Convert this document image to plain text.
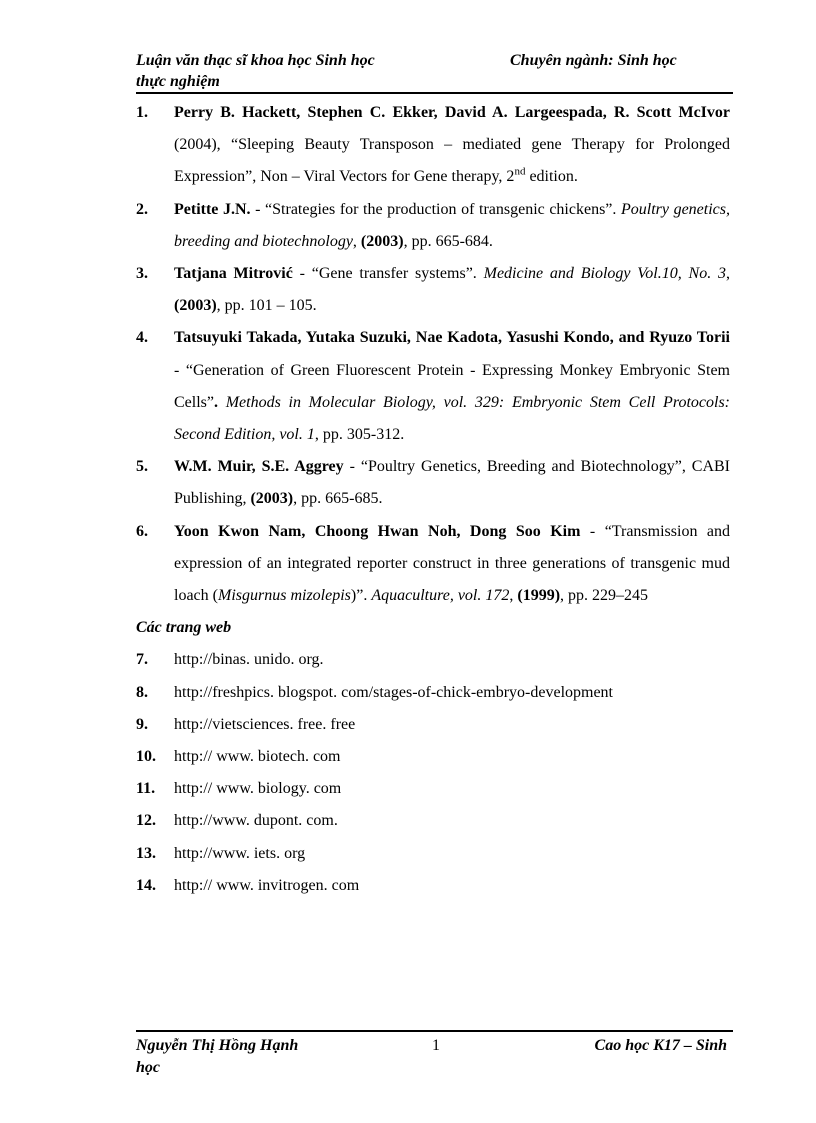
Luận văn thạc sĩ khoa học Sinh học
thực nghiệm
Chuyên ngành: Sinh học
1. Perry B. Hackett, Stephen C. Ekker, David A. Largeespada, R. Scott McIvor (2004), “Sleeping Beauty Transposon – mediated gene Therapy for Prolonged Expression”, Non – Viral Vectors for Gene therapy, 2nd edition.
2. Petitte J.N. - “Strategies for the production of transgenic chickens”. Poultry genetics, breeding and biotechnology, (2003), pp. 665-684.
3. Tatjana Mitrović - “Gene transfer systems”. Medicine and Biology Vol.10, No. 3, (2003), pp. 101 – 105.
4. Tatsuyuki Takada, Yutaka Suzuki, Nae Kadota, Yasushi Kondo, and Ryuzo Torii - “Generation of Green Fluorescent Protein - Expressing Monkey Embryonic Stem Cells”. Methods in Molecular Biology, vol. 329: Embryonic Stem Cell Protocols: Second Edition, vol. 1, pp. 305-312.
5. W.M. Muir, S.E. Aggrey - “Poultry Genetics, Breeding and Biotechnology”, CABI Publishing, (2003), pp. 665-685.
6. Yoon Kwon Nam, Choong Hwan Noh, Dong Soo Kim - “Transmission and expression of an integrated reporter construct in three generations of transgenic mud loach (Misgurnus mizolepis)”. Aquaculture, vol. 172, (1999), pp. 229–245
Các trang web
7. http://binas. unido. org.
8. http://freshpics. blogspot. com/stages-of-chick-embryo-development
9. http://vietsciences. free. free
10. http:// www. biotech. com
11. http:// www. biology. com
12. http://www. dupont. com.
13. http://www. iets. org
14. http:// www. invitrogen. com
Nguyễn Thị Hồng Hạnh
học
1	Cao học K17 – Sinh
